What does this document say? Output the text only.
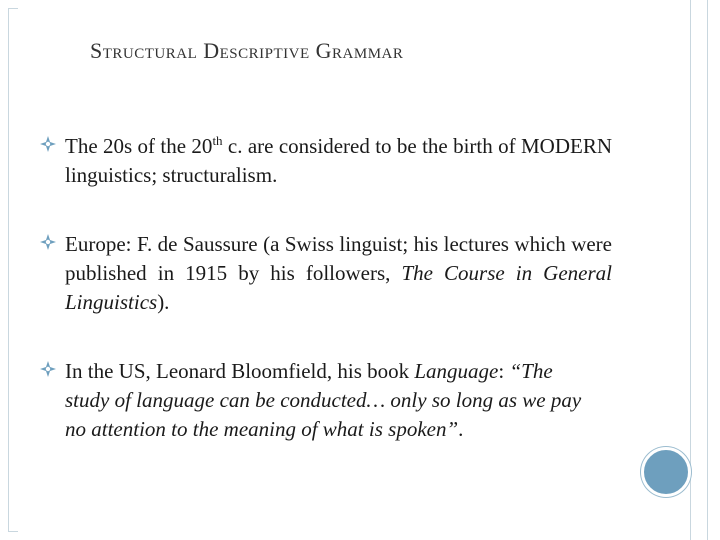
Structural Descriptive Grammar
The 20s of the 20th c. are considered to be the birth of MODERN linguistics; structuralism.
Europe: F. de Saussure (a Swiss linguist; his lectures which were published in 1915 by his followers, The Course in General Linguistics).
In the US, Leonard Bloomfield, his book Language: “The study of language can be conducted… only so long as we pay no attention to the meaning of what is spoken”.
